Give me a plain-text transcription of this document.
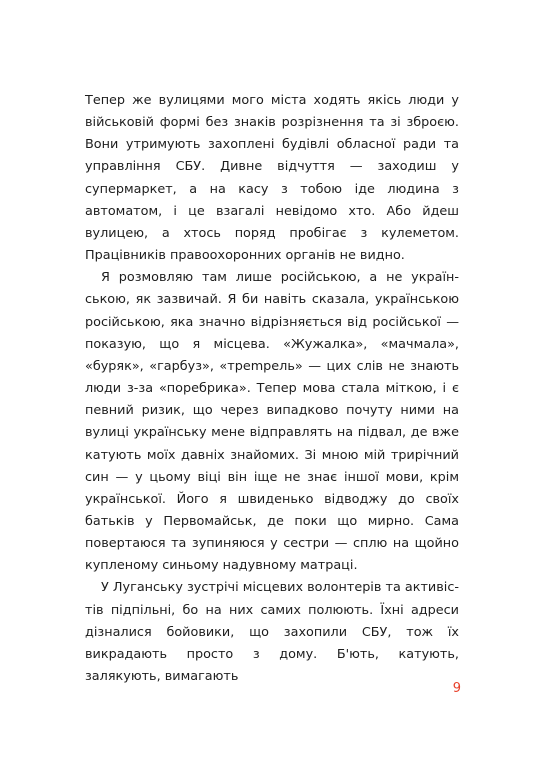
Тепер же вулицями мого міста ходять якісь люди у військовій формі без знаків розрізнення та зі зброєю. Вони утримують захоплені будівлі обласної ради та управління СБУ. Дивне відчуття — заходиш у супермаркет, а на касу з тобою іде людина з автоматом, і це взагалі невідомо хто. Або йдеш вулицею, а хтось поряд пробігає з кулеметом. Працівників правоохоронних органів не видно.

Я розмовляю там лише російською, а не українською, як зазвичай. Я би навіть сказала, українською російською, яка значно відрізняється від російської — показую, що я місцева. «Жужалка», «мачмала», «буряк», «гарбуз», «трempeль» — цих слів не знають люди з-за «поребрика». Тепер мова стала міткою, і є певний ризик, що через випадково почуту ними на вулиці українську мене відправлять на підвал, де вже катують моїх давніх знайомих. Зі мною мій трирічний син — у цьому віці він іще не знає іншої мови, крім української. Його я швиденько відводжу до своїх батьків у Первомайськ, де поки що мирно. Сама повертаюся та зупиняюся у сестри — сплю на щойно купленому синьому надувному матраці.

У Луганську зустрічі місцевих волонтерів та активістів підпільні, бо на них самих полюють. Їхні адреси дізналися бойовики, що захопили СБУ, тож їх викрадають просто з дому. Б'ють, катують, залякують, вимагають

9
